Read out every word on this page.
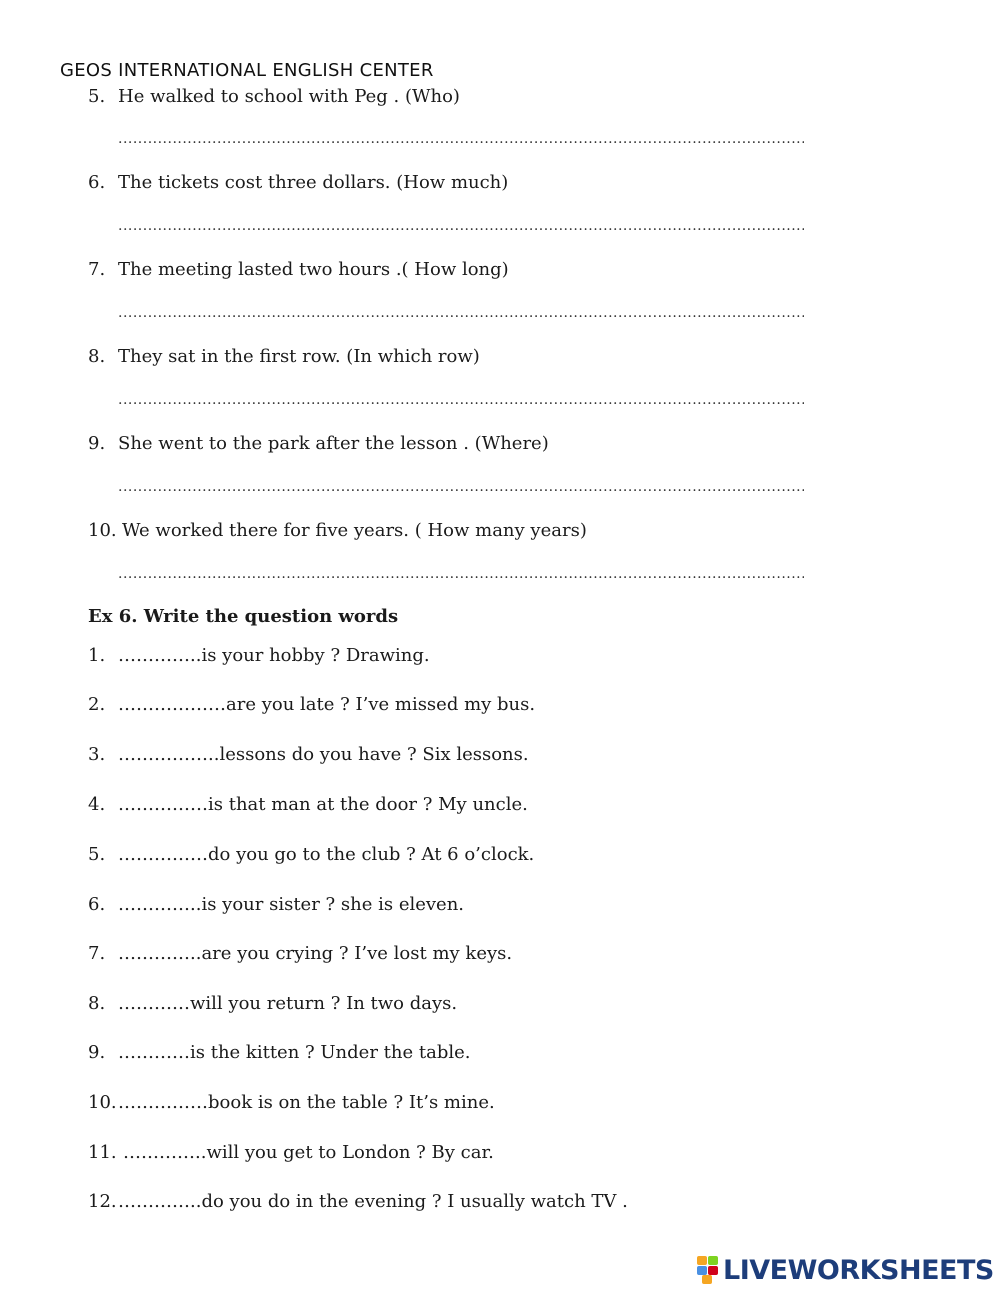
GEOS INTERNATIONAL ENGLISH CENTER
5. He walked to school with Peg . (Who)
.....
6. The tickets cost three dollars. (How much)
.....
7. The meeting lasted two hours .( How long)
.....
8. They sat in the first row. (In which row)
.....
9. She went to the park after the lesson . (Where)
.....
10. We worked there for five years. ( How many years)
.....
Ex 6. Write the question words
1. …………..is your hobby ? Drawing.
2. ………………are you late ? I’ve missed my bus.
3. ……………..lessons do you have ? Six lessons.
4. ……………is that man at the door ? My uncle.
5. ……………do you go to the club ? At 6 o’clock.
6. …………..is your sister ? she is eleven.
7. …………..are you crying ? I’ve lost my keys.
8. …………will you return ? In two days.
9. …………is the kitten ? Under the table.
10.……………book is on the table ? It’s mine.
11. …………..will you get to London ? By car.
12.…………..do you do in the evening ? I usually watch TV .
LIVEWORKSHEETS
